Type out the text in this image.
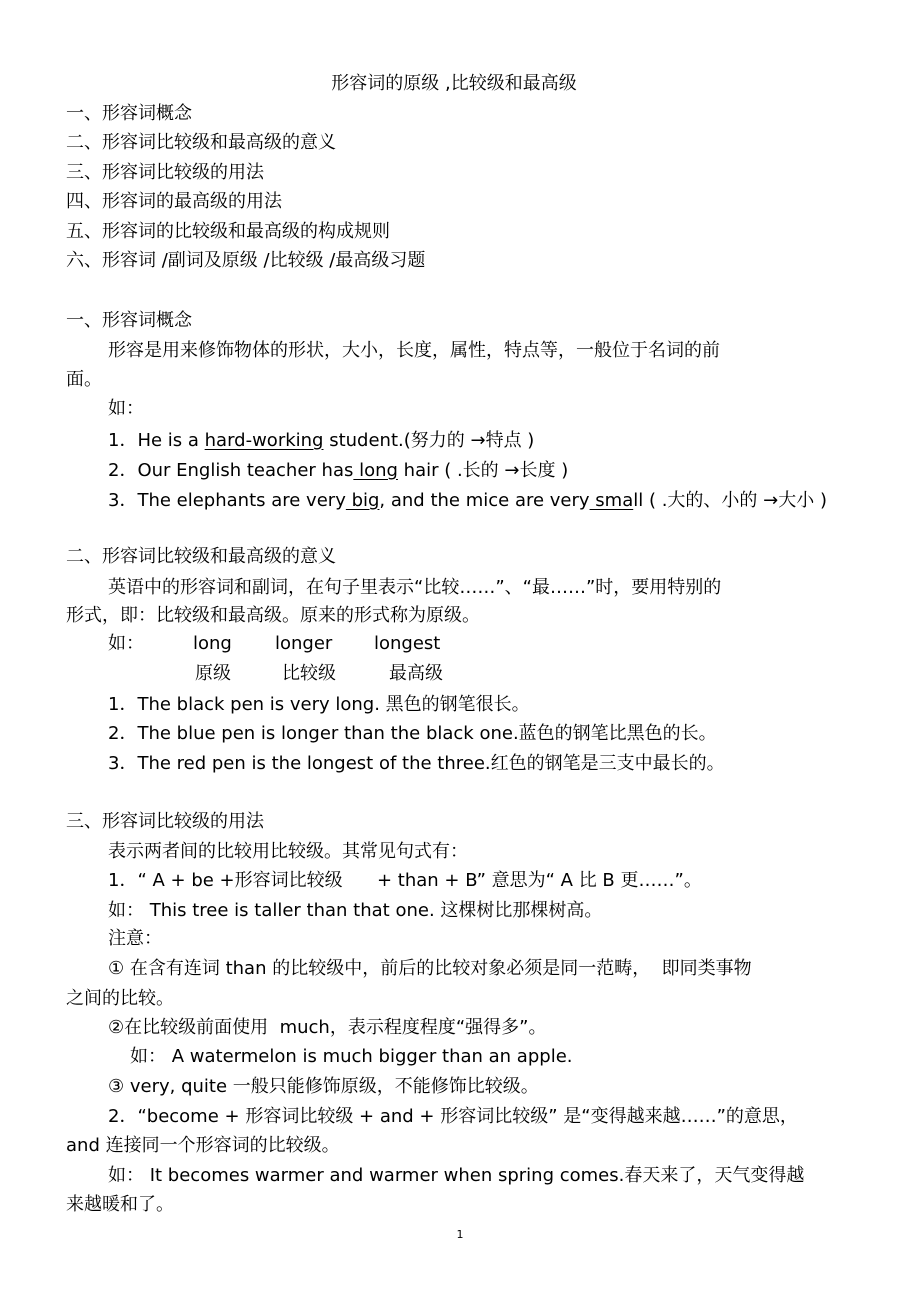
形容词的原级 ,比较级和最高级
一、形容词概念
二、形容词比较级和最高级的意义
三、形容词比较级的用法
四、形容词的最高级的用法
五、形容词的比较级和最高级的构成规则
六、形容词 /副词及原级 /比较级 /最高级习题
一、形容词概念
形容是用来修饰物体的形状，大小，长度，属性，特点等，一般位于名词的前
面。
如：
1．He is a hard-working student.(努力的 →特点 )
2．Our English teacher has long hair ( .长的 →长度 )
3．The elephants are very big, and the mice are very small ( .大的、小的 →大小 )
二、形容词比较级和最高级的意义
英语中的形容词和副词，在句子里表示“比较……”、“最……”时，要用特别的
形式，即：比较级和最高级。原来的形式称为原级。
如：	long longer longest
原级	比较级	最高级
1．The black pen is very long. 黑色的钢笔很长。
2．The blue pen is longer than the black one.蓝色的钢笔比黑色的长。
3．The red pen is the longest of the three.红色的钢笔是三支中最长的。
三、形容词比较级的用法
表示两者间的比较用比较级。其常见句式有：
1．“ A + be +形容词比较级      + than + B” 意思为“ A 比 B 更……”。
如： This tree is taller than that one. 这棵树比那棵树高。
注意：
① 在含有连词 than 的比较级中，前后的比较对象必须是同一范畴，  即同类事物
之间的比较。
②在比较级前面使用  much，表示程度程度“强得多”。
如： A watermelon is much bigger than an apple.
③ very, quite 一般只能修饰原级，不能修饰比较级。
2．“become + 形容词比较级 + and + 形容词比较级” 是“变得越来越……”的意思，
and 连接同一个形容词的比较级。
如： It becomes warmer and warmer when spring comes.春天来了，天气变得越
来越暖和了。
1
